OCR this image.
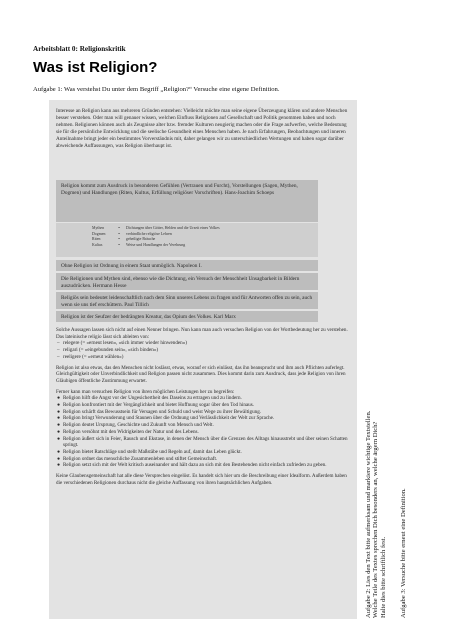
Arbeitsblatt 0: Religionskritik
Was ist Religion?
Aufgabe 1: Was verstehst Du unter dem Begriff „Religion?“ Versuche eine eigene Definition.

Interesse an Religion kann aus mehreren Gründen entstehen: Vielleicht möchte man seine eigene Überzeugung klären und andere Menschen besser verstehen. Oder man will genauer wissen, welchen Einfluss Religionen auf Gesellschaft und Politik genommen haben und noch nehmen. Religionen können auch als Zeugnisse alter bzw. fremder Kulturen neugierig machen oder die Frage aufwerfen, welche Bedeutung sie für die persönliche Entwicklung und die seelische Gesundheit eines Menschen haben. Je nach Erfahrungen, Beobachtungen und inneren Anteilnahme bringt jeder ein bestimmtes Vorverständnis mit, daher gelangen wir zu unterschiedlichen Wertungen und haben sogar darüber abweichende Auffassungen, was Religion überhaupt ist.

Religion kommt zum Ausdruck in besonderen Gefühlen (Vertrauen und Furcht), Vorstellungen (Sagen, Mythen, Dogmen) und Handlungen (Riten, Kultus, Erfüllung religiöser Vorschriften). Hans-Joachim Schoeps

Mythen	=	Dichtungen über Götter, Helden und die Urzeit eines Volkes
Dogmen	=	verbindliche religiöse Lehren
Riten	=	geheiligte Bräuche
Kultus	=	Weise und Handlungen der Verehrung

Ohne Religion ist Ordnung in einem Staat unmöglich. Napoleon I.

Die Religionen und Mythen sind, ebenso wie die Dichtung, ein Versuch der Menschheit Unsagbarkeit in Bildern auszudrücken. Hermann Hesse

Religiös sein bedeutet leidenschaftlich nach dem Sinn unseres Lebens zu fragen und für Antworten offen zu sein, auch wenn sie uns tief erschüttern. Paul Tillich

Religion ist der Seufzer der bedrängten Kreatur, das Opium des Volkes. Karl Marx

Solche Aussagen lassen sich nicht auf einen Nenner bringen. Nun kann man auch versuchen Religion von der Wortbedeutung her zu verstehen. Das lateinische religio lässt sich ableiten von:

– relegere (= »erneut lesen«, »sich immer wieder hinwenden«)
– religari (= »eingebunden sein«, »sich binden«)
– reeligere (= »erneut wählen«)

Religion ist also etwas, das den Menschen nicht loslässt, etwas, worauf er sich einlässt, das ihn beansprucht und ihm auch Pflichten auferlegt. Gleichgültigkeit oder Unverbindlichkeit und Religion passen nicht zusammen. Dies kommt darin zum Ausdruck, dass jede Religion von ihren Gläubigen öffentliche Zustimmung erwartet.

Ferner kann man versuchen Religion von ihren möglichen Leistungen her zu begreifen:

● Religion hilft die Angst vor der Ungesichertheit des Daseins zu ertragen und zu lindern.
● Religion konfrontiert mit der Vergänglichkeit und bietet Hoffnung sogar über den Tod hinaus.
● Religion schärft das Bewusstsein für Versagen und Schuld und weist Wege zu ihrer Bewältigung.
● Religion bringt Verwunderung und Staunen über die Ordnung und Verlässlichkeit der Welt zur Sprache.
● Religion deutet Ursprung, Geschichte und Zukunft von Mensch und Welt.
● Religion versöhnt mit den Widrigkeiten der Natur und des Lebens.
● Religion äußert sich in Feier, Rausch und Ekstase, in denen der Mensch über die Grenzen des Alltags hinausstrebt und über seinen Schatten springt.
● Religion bietet Ratschläge und stellt Maßstäbe und Regeln auf, damit das Leben glückt.
● Religion ordnet das menschliche Zusammenleben und stiftet Gemeinschaft.
● Religion setzt sich mit der Welt kritisch auseinander und hält dazu an sich mit den Bestehenden nicht einfach zufrieden zu geben.

Keine Glaubensgemeinschaft hat alle diese Versprechen eingelöst. Es handelt sich hier um die Beschreibung einer Idealform. Außerdem haben die verschiedenen Religionen durchaus nicht die gleiche Auffassung von ihren hauptsächlichen Aufgaben.	Aufgabe 2: Lies den Text bitte aufmerksam und markiere wichtige Textstellen. Welche Teile des Textes sprechen Dich besonders an, welche ärgern Dich? Halte dies bitte schriftlich fest. Aufgabe 3: Versuche bitte erneut eine Definition.
